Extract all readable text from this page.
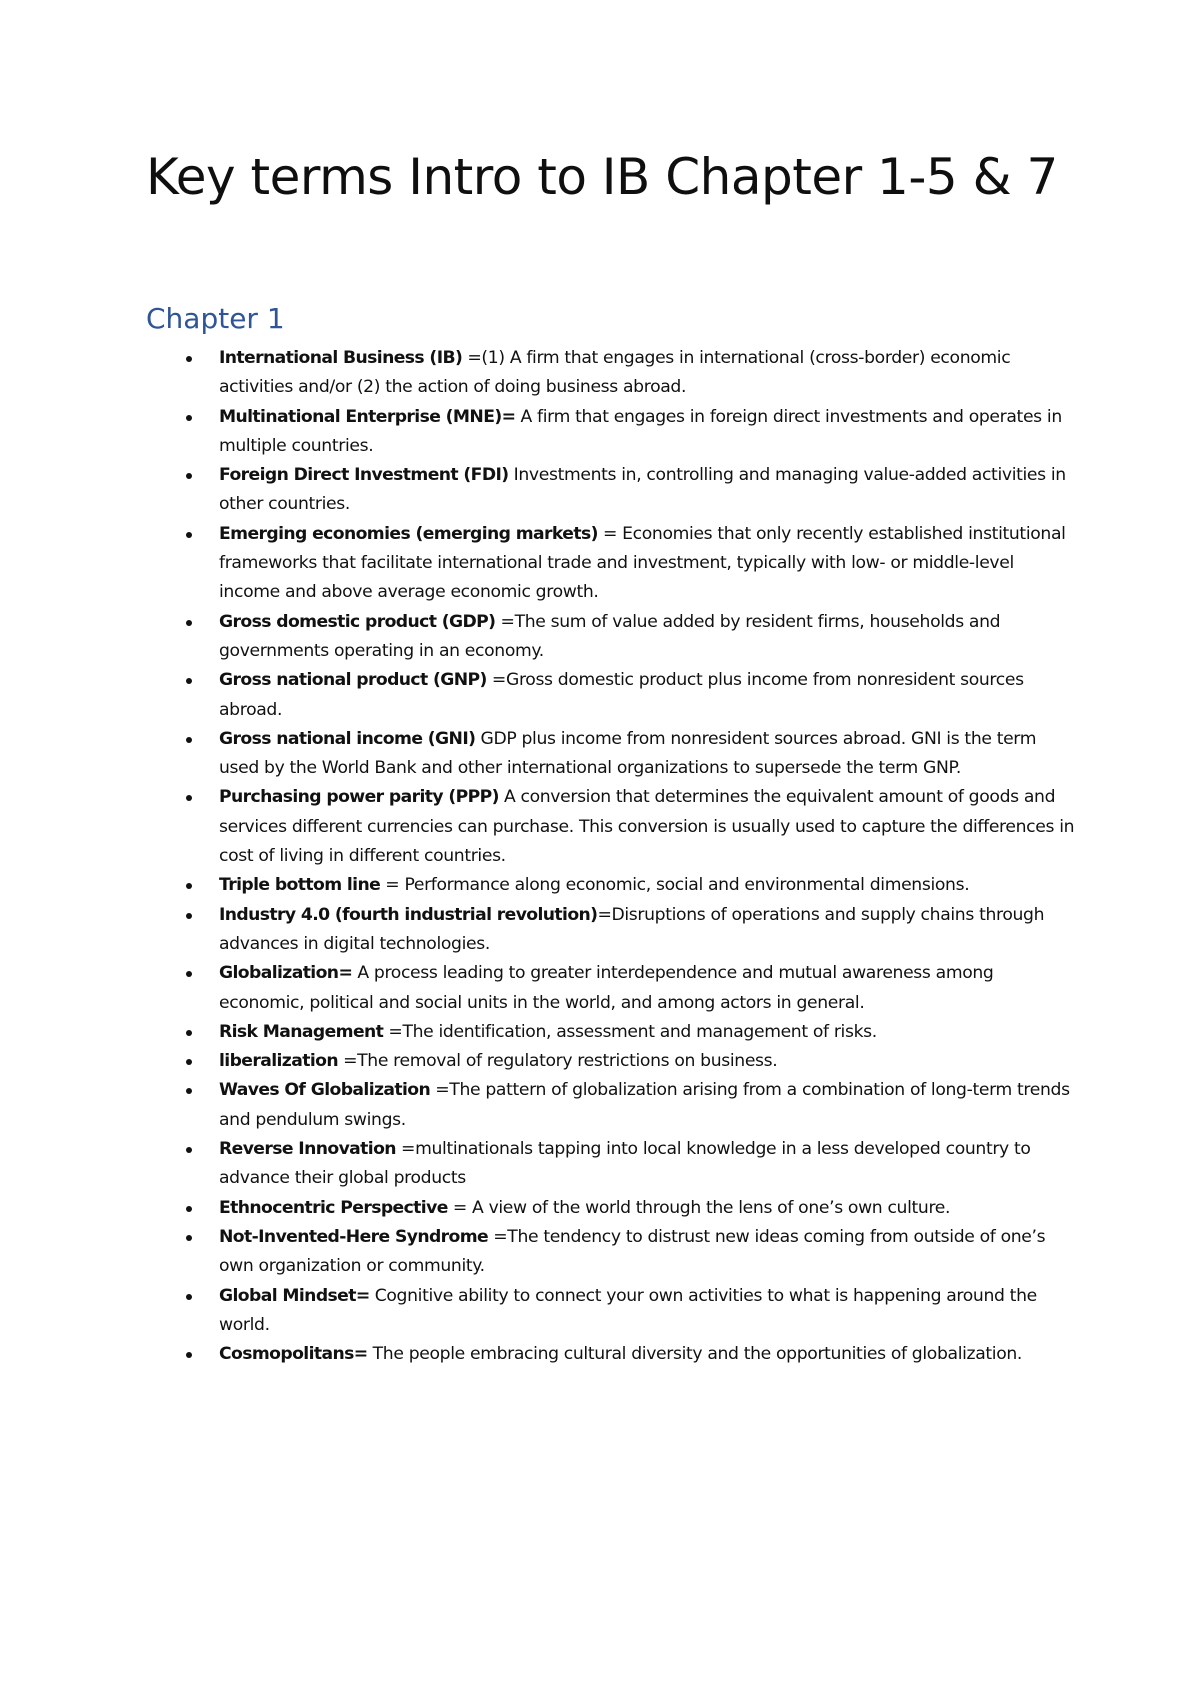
Key terms Intro to IB Chapter 1-5 & 7
Chapter 1
International Business (IB) =(1) A firm that engages in international (cross-border) economic activities and/or (2) the action of doing business abroad.
Multinational Enterprise (MNE)= A firm that engages in foreign direct investments and operates in multiple countries.
Foreign Direct Investment (FDI) Investments in, controlling and managing value-added activities in other countries.
Emerging economies (emerging markets) = Economies that only recently established institutional frameworks that facilitate international trade and investment, typically with low- or middle-level income and above average economic growth.
Gross domestic product (GDP) =The sum of value added by resident firms, households and governments operating in an economy.
Gross national product (GNP) =Gross domestic product plus income from nonresident sources abroad.
Gross national income (GNI) GDP plus income from nonresident sources abroad. GNI is the term used by the World Bank and other international organizations to supersede the term GNP.
Purchasing power parity (PPP) A conversion that determines the equivalent amount of goods and services different currencies can purchase. This conversion is usually used to capture the differences in cost of living in different countries.
Triple bottom line = Performance along economic, social and environmental dimensions.
Industry 4.0 (fourth industrial revolution)=Disruptions of operations and supply chains through advances in digital technologies.
Globalization= A process leading to greater interdependence and mutual awareness among economic, political and social units in the world, and among actors in general.
Risk Management =The identification, assessment and management of risks.
liberalization =The removal of regulatory restrictions on business.
Waves Of Globalization =The pattern of globalization arising from a combination of long-term trends and pendulum swings.
Reverse Innovation =multinationals tapping into local knowledge in a less developed country to advance their global products
Ethnocentric Perspective = A view of the world through the lens of one’s own culture.
Not-Invented-Here Syndrome =The tendency to distrust new ideas coming from outside of one’s own organization or community.
Global Mindset= Cognitive ability to connect your own activities to what is happening around the world.
Cosmopolitans= The people embracing cultural diversity and the opportunities of globalization.
